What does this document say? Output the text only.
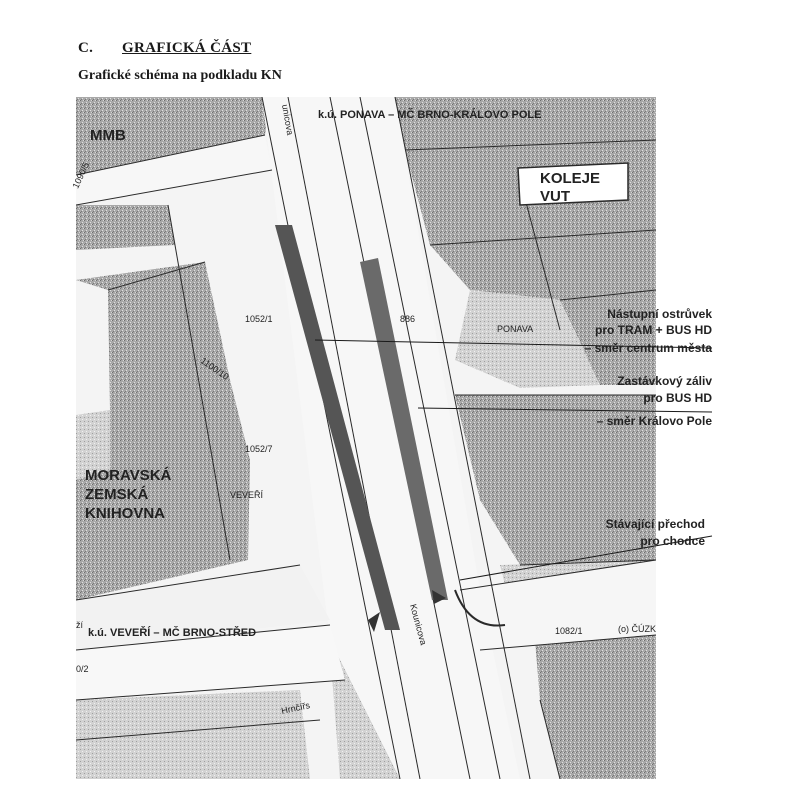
C. GRAFICKÁ ČÁST
Grafické schéma na podkladu KN
k.ú. PONAVA – MČ BRNO-KRÁLOVO POLE
k.ú. VEVEŘÍ – MČ BRNO-STŘED
MMB
KOLEJE
VUT
MORAVSKÁ
ZEMSKÁ
KNIHOVNA
1052/1	886
1052/7
1100/10
1090/5
1082/1
0/2
ží
PONAVA
VEVEŘÍ
Kounicova
unicova
Hrnčířs
(o) ČÚZK
Nástupní ostrůvek
pro TRAM + BUS HD
– směr centrum města
Zastávkový záliv
pro BUS HD
– směr Královo Pole
Stávající přechod
pro chodce
